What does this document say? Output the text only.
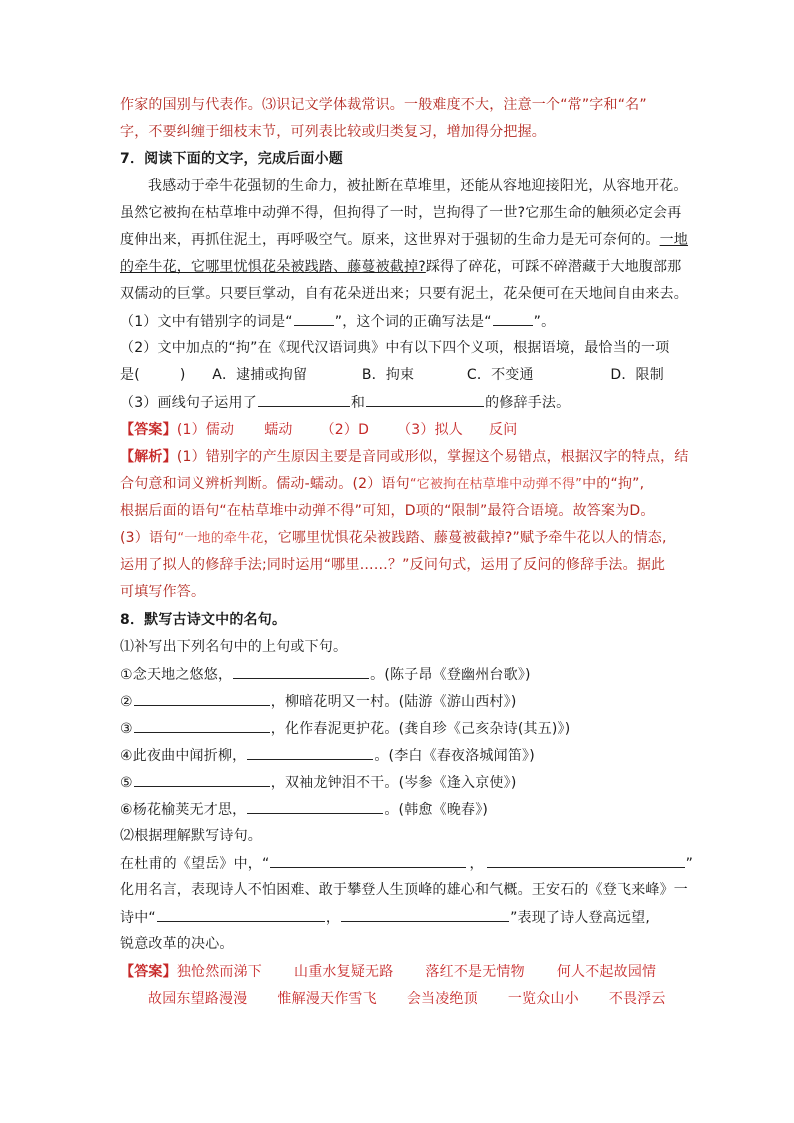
作家的国别与代表作。⑶识记文学体裁常识。一般难度不大，注意一个“常”字和“名”
字，不要纠缠于细枝末节，可列表比较或归类复习，增加得分把握。
7．阅读下面的文字，完成后面小题
我感动于牵牛花强韧的生命力，被扯断在草堆里，还能从容地迎接阳光，从容地开花。
虽然它被拘在枯草堆中动弹不得，但拘得了一时，岂拘得了一世?它那生命的触须必定会再
度伸出来，再抓住泥土，再呼吸空气。原来，这世界对于强韧的生命力是无可奈何的。一地
的牵牛花，它哪里忧惧花朵被践踏、藤蔓被截掉?踩得了碎花，可踩不碎潜藏于大地腹部那
双儒动的巨掌。只要巨掌动，自有花朵迸出来；只要有泥土，花朵便可在天地间自由来去。
（1）文中有错别字的词是“	”，这个词的正确写法是“	”。
（2）文中加点的“拘”在《现代汉语词典》中有以下四个义项，根据语境，最恰当的一项
是(	) A．逮捕或拘留	B．拘束	C．不变通	D．限制
（3）画线句子运用了	和	的修辞手法。
【答案】(1）儒动 蠕动 （2）D （3）拟人 反问
【解析】(1）错别字的产生原因主要是音同或形似，掌握这个易错点，根据汉字的特点，结
合句意和词义辨析判断。儒动-蠕动。(2）语句“它被拘在枯草堆中动弹不得”中的“拘”,
根据后面的语句“在枯草堆中动弹不得”可知，D项的“限制”最符合语境。故答案为D。
(3）语句“一地的牵牛花，它哪里忧惧花朵被践踏、藤蔓被截掉?”赋予牵牛花以人的情态,
运用了拟人的修辞手法;同时运用“哪里……？”反问句式，运用了反问的修辞手法。据此
可填写作答。
8．默写古诗文中的名句。
⑴补写出下列名句中的上句或下句。
①念天地之悠悠，	。(陈子昂《登幽州台歌》)
②	，柳暗花明又一村。(陆游《游山西村》)
③	，化作春泥更护花。(龚自珍《己亥杂诗(其五)》)
④此夜曲中闻折柳，	。(李白《春夜洛城闻笛》)
⑤	，双袖龙钟泪不干。(岑参《逢入京使》)
⑥杨花榆荚无才思，	。(韩愈《晚春》)
⑵根据理解默写诗句。
在杜甫的《望岳》中，“	，	”
化用名言，表现诗人不怕困难、敢于攀登人生顶峰的雄心和气概。王安石的《登飞来峰》一
诗中“	，	”表现了诗人登高远望,
锐意改革的决心。
【答案】独怆然而涕下 山重水复疑无路 落红不是无情物 何人不起故园情
故园东望路漫漫 惟解漫天作雪飞 会当凌绝顶 一览众山小 不畏浮云
